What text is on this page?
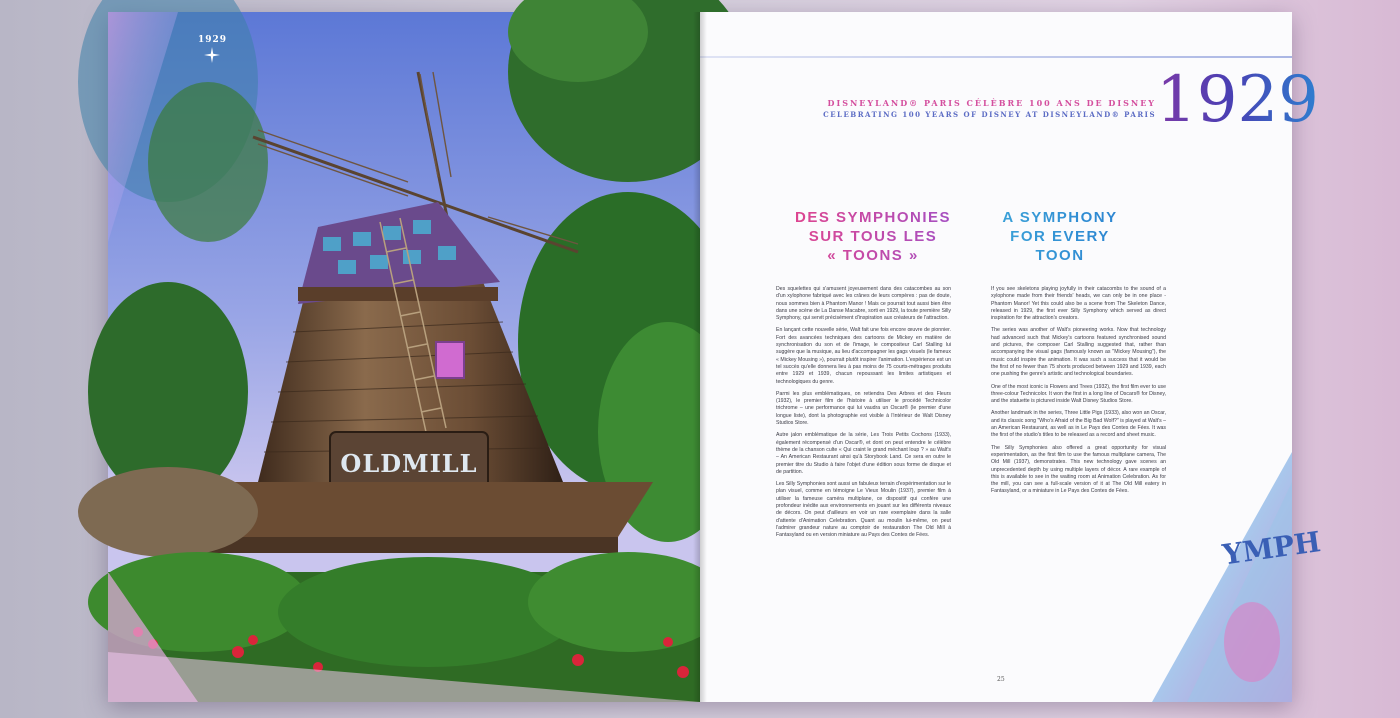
OLDMILL
1929
DISNEYLAND® PARIS CÉLÈBRE 100 ANS DE DISNEY
CELEBRATING 100 YEARS OF DISNEY AT DISNEYLAND® PARIS 1929
DES SYMPHONIES
SUR TOUS LES
« TOONS »
A SYMPHONY
FOR EVERY
TOON

Des squelettes qui s'amusent joyeusement dans des catacombes au son d'un xylophone fabriqué avec les crânes de leurs compères : pas de doute, nous sommes bien à Phantom Manor ! Mais ce pourrait tout aussi bien être dans une scène de La Danse Macabre, sorti en 1929, la toute première Silly Symphony, qui servit précisément d'inspiration aux créateurs de l'attraction.

En lançant cette nouvelle série, Walt fait une fois encore œuvre de pionnier. Fort des avancées techniques des cartoons de Mickey en matière de synchronisation du son et de l'image, le compositeur Carl Stalling lui suggère que la musique, au lieu d'accompagner les gags visuels (le fameux « Mickey Mousing »), pourrait plutôt inspirer l'animation. L'expérience est un tel succès qu'elle donnera lieu à pas moins de 75 courts-métrages produits entre 1929 et 1939, chacun repoussant les limites artistiques et technologiques du genre.

Parmi les plus emblématiques, on retiendra Des Arbres et des Fleurs (1932), le premier film de l'histoire à utiliser le procédé Technicolor trichrome – une performance qui lui vaudra un Oscar® (le premier d'une longue liste), dont la photographie est visible à l'intérieur de Walt Disney Studios Store.

Autre jalon emblématique de la série, Les Trois Petits Cochons (1933), également récompensé d'un Oscar®, et dont on peut entendre le célèbre thème de la chanson culte « Qui craint le grand méchant loup ? » au Walt's – An American Restaurant ainsi qu'à Storybook Land. Ce sera en outre le premier titre du Studio à faire l'objet d'une édition sous forme de disque et de partition.

Les Silly Symphonies sont aussi un fabuleux terrain d'expérimentation sur le plan visuel, comme en témoigne Le Vieux Moulin (1937), premier film à utiliser la fameuse caméra multiplane, ce dispositif qui confère une profondeur inédite aux environnements en jouant sur les différents niveaux de décors. On peut d'ailleurs en voir un rare exemplaire dans la salle d'attente d'Animation Celebration. Quant au moulin lui-même, on peut l'admirer grandeur nature au comptoir de restauration The Old Mill à Fantasyland ou en version miniature au Pays des Contes de Fées.

If you see skeletons playing joyfully in their catacombs to the sound of a xylophone made from their friends' heads, we can only be in one place - Phantom Manor! Yet this could also be a scene from The Skeleton Dance, released in 1929, the first ever Silly Symphony which served as direct inspiration for the attraction's creators.

The series was another of Walt's pioneering works. Now that technology had advanced such that Mickey's cartoons featured synchronised sound and pictures, the composer Carl Stalling suggested that, rather than accompanying the visual gags (famously known as "Mickey Mousing"), the music could inspire the animation. It was such a success that it would be the first of no fewer than 75 shorts produced between 1929 and 1939, each one pushing the genre's artistic and technological boundaries.

One of the most iconic is Flowers and Trees (1932), the first film ever to use three-colour Technicolor. It won the first in a long line of Oscars® for Disney, and the statuette is pictured inside Walt Disney Studios Store.

Another landmark in the series, Three Little Pigs (1933), also won an Oscar, and its classic song "Who's Afraid of the Big Bad Wolf?" is played at Walt's – an American Restaurant, as well as in Le Pays des Contes de Fées. It was the first of the studio's titles to be released as a record and sheet music.

The Silly Symphonies also offered a great opportunity for visual experimentation, as the first film to use the famous multiplane camera, The Old Mill (1937), demonstrates. This new technology gave scenes an unprecedented depth by using multiple layers of décor. A rare example of this is available to see in the waiting room at Animation Celebration. As for the mill, you can see a full-scale version of it at The Old Mill eatery in Fantasyland, or a miniature in Le Pays des Contes de Fées.

25
YMPH
